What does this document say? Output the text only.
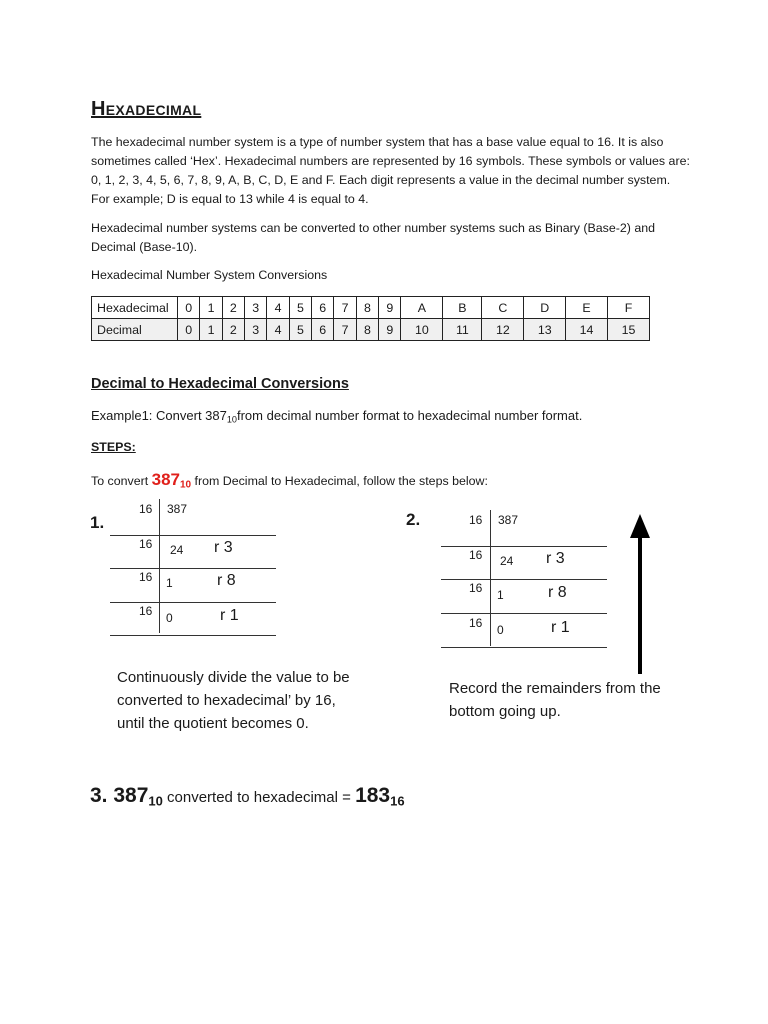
Hexadecimal
The hexadecimal number system is a type of number system that has a base value equal to 16. It is also sometimes called ‘Hex’. Hexadecimal numbers are represented by 16 symbols. These symbols or values are: 0, 1, 2, 3, 4, 5, 6, 7, 8, 9, A, B, C, D, E and F. Each digit represents a value in the decimal number system. For example; D is equal to 13 while 4 is equal to 4.
Hexadecimal number systems can be converted to other number systems such as Binary (Base-2) and Decimal (Base-10).
Hexadecimal Number System Conversions
Hexadecimal	0	1	2	3	4	5	6	7	8	9	A	B	C	D	E	F
Decimal	0	1	2	3	4	5	6	7	8	9	10	11	12	13	14	15
Decimal to Hexadecimal Conversions
Example1: Convert $387_{10}from$ decimal number format to hexadecimal number format.
STEPS:
To convert $387_{10}$ from Decimal to Hexadecimal, follow the steps below:
1.
16 387
16 24 r 3
16 1	r 8
16 0	r 1
Continuously divide the value to be converted to hexadecimal’ by 16, until the quotient becomes 0.
2.	16 387
16 24 r 3
16 1	r 8
16 0	r 1
Record the remainders from the bottom going up.
3. $387_{10}$ converted to hexadecimal = $183_{16}$
